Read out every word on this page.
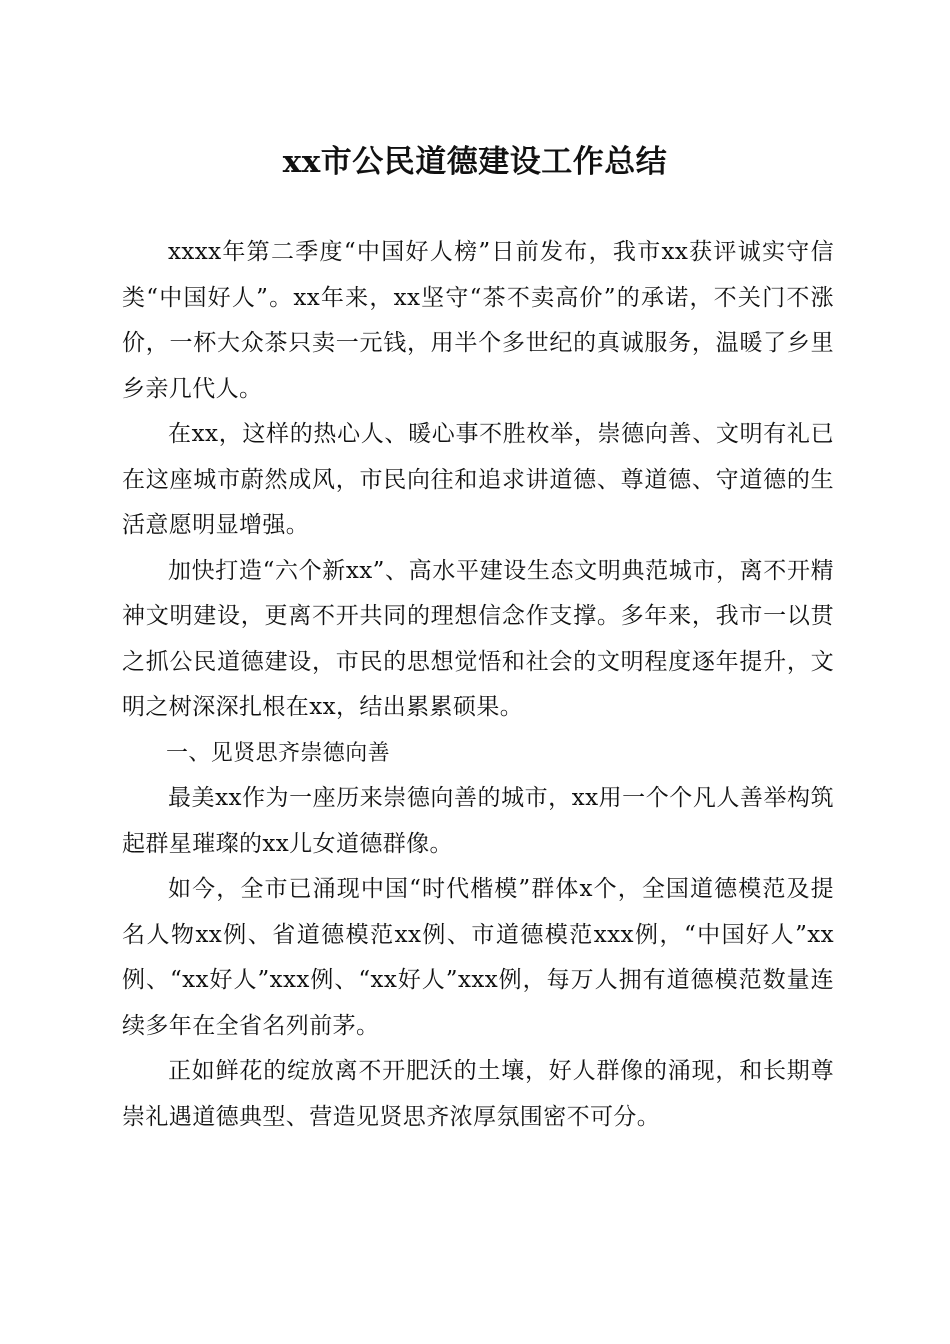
xx市公民道德建设工作总结

xxxx年第二季度“中国好人榜”日前发布，我市xx获评诚实守信类“中国好人”。xx年来，xx坚守“茶不卖高价”的承诺，不关门不涨价，一杯大众茶只卖一元钱，用半个多世纪的真诚服务，温暖了乡里乡亲几代人。

在xx，这样的热心人、暖心事不胜枚举，崇德向善、文明有礼已在这座城市蔚然成风，市民向往和追求讲道德、尊道德、守道德的生活意愿明显增强。

加快打造“六个新xx”、高水平建设生态文明典范城市，离不开精神文明建设，更离不开共同的理想信念作支撑。多年来，我市一以贯之抓公民道德建设，市民的思想觉悟和社会的文明程度逐年提升，文明之树深深扎根在xx，结出累累硕果。

一、见贤思齐崇德向善

最美xx作为一座历来崇德向善的城市，xx用一个个凡人善举构筑起群星璀璨的xx儿女道德群像。

如今，全市已涌现中国“时代楷模”群体x个，全国道德模范及提名人物xx例、省道德模范xx例、市道德模范xxx例，“中国好人”xx例、“xx好人”xxx例、“xx好人”xxx例，每万人拥有道德模范数量连续多年在全省名列前茅。

正如鲜花的绽放离不开肥沃的土壤，好人群像的涌现，和长期尊崇礼遇道德典型、营造见贤思齐浓厚氛围密不可分。
